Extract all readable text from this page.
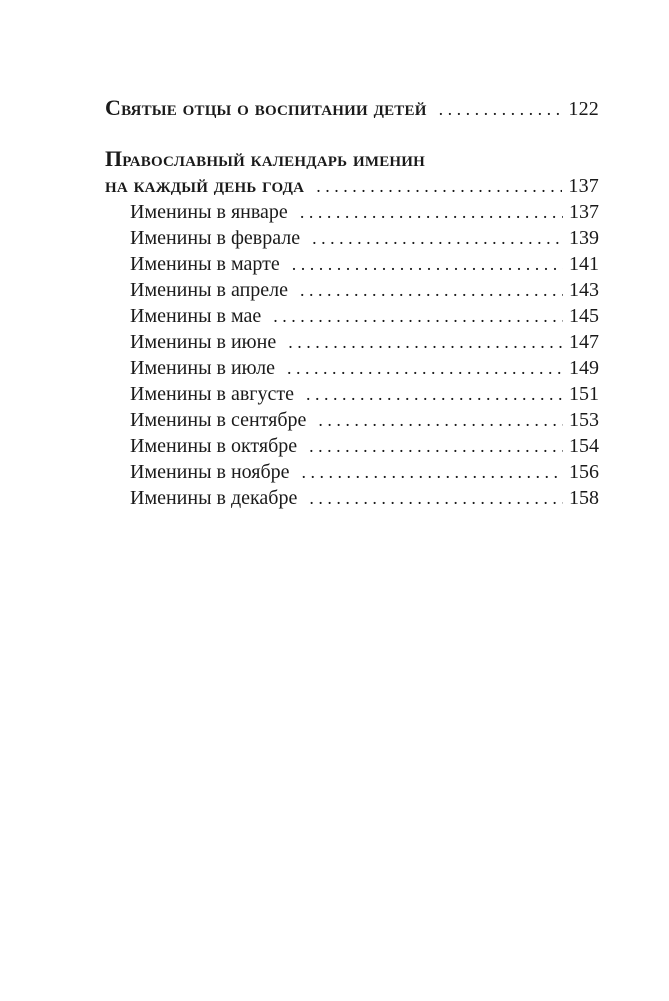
Святые отцы о воспитании детей . . .	122
Православный календарь именин
на каждый день года . . .	137
Именины в январе . . .	137
Именины в феврале . . .	139
Именины в марте . . .	141
Именины в апреле . . .	143
Именины в мае . . .	145
Именины в июне . . .	147
Именины в июле . . .	149
Именины в августе . . .	151
Именины в сентябре . . .	153
Именины в октябре . . .	154
Именины в ноябре . . .	156
Именины в декабре . . .	158
